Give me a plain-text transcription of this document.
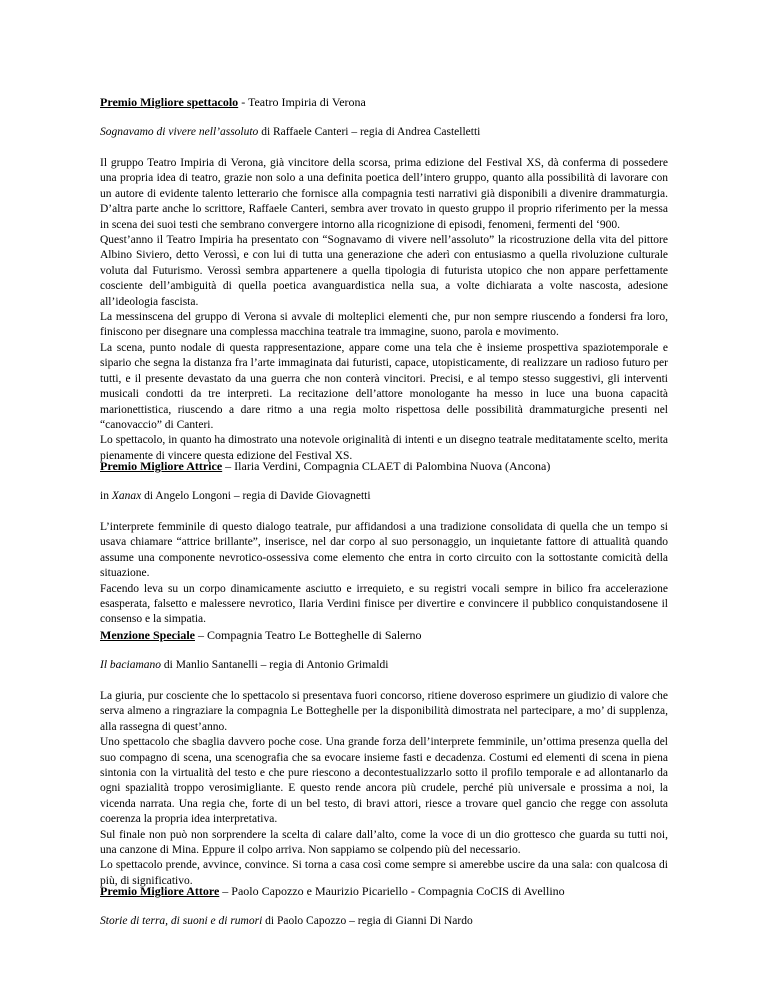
Premio Migliore spettacolo - Teatro Impiria di Verona

Sognavamo di vivere nell’assoluto di Raffaele Canteri – regia di Andrea Castelletti

Il gruppo Teatro Impiria di Verona, già vincitore della scorsa, prima edizione del Festival XS, dà conferma di possedere una propria idea di teatro, grazie non solo a una definita poetica dell’intero gruppo, quanto alla possibilità di lavorare con un autore di evidente talento letterario che fornisce alla compagnia testi narrativi già disponibili a divenire drammaturgia. D’altra parte anche lo scrittore, Raffaele Canteri, sembra aver trovato in questo gruppo il proprio riferimento per la messa in scena dei suoi testi che sembrano convergere intorno alla ricognizione di episodi, fenomeni, fermenti del ‘900.

Quest’anno il Teatro Impiria ha presentato con “Sognavamo di vivere nell’assoluto” la ricostruzione della vita del pittore Albino Siviero, detto Verossì, e con lui di tutta una generazione che aderì con entusiasmo a quella rivoluzione culturale voluta dal Futurismo. Verossì sembra appartenere a quella tipologia di futurista utopico che non appare perfettamente cosciente dell’ambiguità di quella poetica avanguardistica nella sua, a volte dichiarata a volte nascosta, adesione all’ideologia fascista.

La messinscena del gruppo di Verona si avvale di molteplici elementi che, pur non sempre riuscendo a fondersi fra loro, finiscono per disegnare una complessa macchina teatrale tra immagine, suono, parola e movimento.

La scena, punto nodale di questa rappresentazione, appare come una tela che è insieme prospettiva spaziotemporale e sipario che segna la distanza fra l’arte immaginata dai futuristi, capace, utopisticamente, di realizzare un radioso futuro per tutti, e il presente devastato da una guerra che non conterà vincitori. Precisi, e al tempo stesso suggestivi, gli interventi musicali condotti da tre interpreti. La recitazione dell’attore monologante ha messo in luce una buona capacità marionettistica, riuscendo a dare ritmo a una regia molto rispettosa delle possibilità drammaturgiche presenti nel “canovaccio” di Canteri.

Lo spettacolo, in quanto ha dimostrato una notevole originalità di intenti e un disegno teatrale meditatamente scelto, merita pienamente di vincere questa edizione del Festival XS.

Premio Migliore Attrice – Ilaria Verdini, Compagnia CLAET di Palombina Nuova (Ancona)

in Xanax di Angelo Longoni – regia di Davide Giovagnetti

L’interprete femminile di questo dialogo teatrale, pur affidandosi a una tradizione consolidata di quella che un tempo si usava chiamare “attrice brillante”, inserisce, nel dar corpo al suo personaggio, un inquietante fattore di attualità quando assume una componente nevrotico-ossessiva come elemento che entra in corto circuito con la sottostante comicità della situazione.

Facendo leva su un corpo dinamicamente asciutto e irrequieto, e su registri vocali sempre in bilico fra accelerazione esasperata, falsetto e malessere nevrotico, Ilaria Verdini finisce per divertire e convincere il pubblico conquistandosene il consenso e la simpatia.

Menzione Speciale – Compagnia Teatro Le Botteghelle di Salerno

Il baciamano di Manlio Santanelli – regia di Antonio Grimaldi

La giuria, pur cosciente che lo spettacolo si presentava fuori concorso, ritiene doveroso esprimere un giudizio di valore che serva almeno a ringraziare la compagnia Le Botteghelle per la disponibilità dimostrata nel partecipare, a mo’ di supplenza, alla rassegna di quest’anno.

Uno spettacolo che sbaglia davvero poche cose. Una grande forza dell’interprete femminile, un’ottima presenza quella del suo compagno di scena, una scenografia che sa evocare insieme fasti e decadenza. Costumi ed elementi di scena in piena sintonia con la virtualità del testo e che pure riescono a decontestualizzarlo sotto il profilo temporale e ad allontanarlo da ogni spazialità troppo verosimigliante. E questo rende ancora più crudele, perché più universale e prossima a noi, la vicenda narrata. Una regia che, forte di un bel testo, di bravi attori, riesce a trovare quel gancio che regge con assoluta coerenza la propria idea interpretativa.

Sul finale non può non sorprendere la scelta di calare dall’alto, come la voce di un dio grottesco che guarda su tutti noi, una canzone di Mina. Eppure il colpo arriva. Non sappiamo se colpendo più del necessario.

Lo spettacolo prende, avvince, convince. Si torna a casa così come sempre si amerebbe uscire da una sala: con qualcosa di più, di significativo.

Premio Migliore Attore – Paolo Capozzo e Maurizio Picariello - Compagnia CoCIS di Avellino

Storie di terra, di suoni e di rumori di Paolo Capozzo – regia di Gianni Di Nardo
